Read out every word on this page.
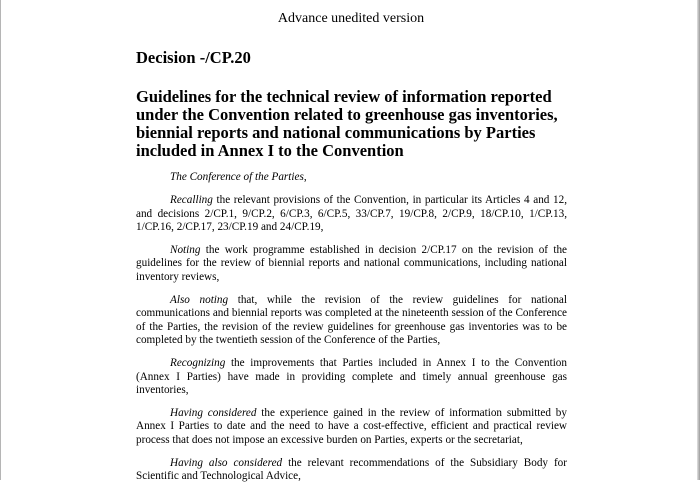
Advance unedited version
Decision -/CP.20
Guidelines for the technical review of information reported under the Convention related to greenhouse gas inventories, biennial reports and national communications by Parties included in Annex I to the Convention

The Conference of the Parties,

Recalling the relevant provisions of the Convention, in particular its Articles 4 and 12, and decisions 2/CP.1, 9/CP.2, 6/CP.3, 6/CP.5, 33/CP.7, 19/CP.8, 2/CP.9, 18/CP.10, 1/CP.13, 1/CP.16, 2/CP.17, 23/CP.19 and 24/CP.19,

Noting the work programme established in decision 2/CP.17 on the revision of the guidelines for the review of biennial reports and national communications, including national inventory reviews,

Also noting that, while the revision of the review guidelines for national communications and biennial reports was completed at the nineteenth session of the Conference of the Parties, the revision of the review guidelines for greenhouse gas inventories was to be completed by the twentieth session of the Conference of the Parties,

Recognizing the improvements that Parties included in Annex I to the Convention (Annex I Parties) have made in providing complete and timely annual greenhouse gas inventories,

Having considered the experience gained in the review of information submitted by Annex I Parties to date and the need to have a cost-effective, efficient and practical review process that does not impose an excessive burden on Parties, experts or the secretariat,

Having also considered the relevant recommendations of the Subsidiary Body for Scientific and Technological Advice,
